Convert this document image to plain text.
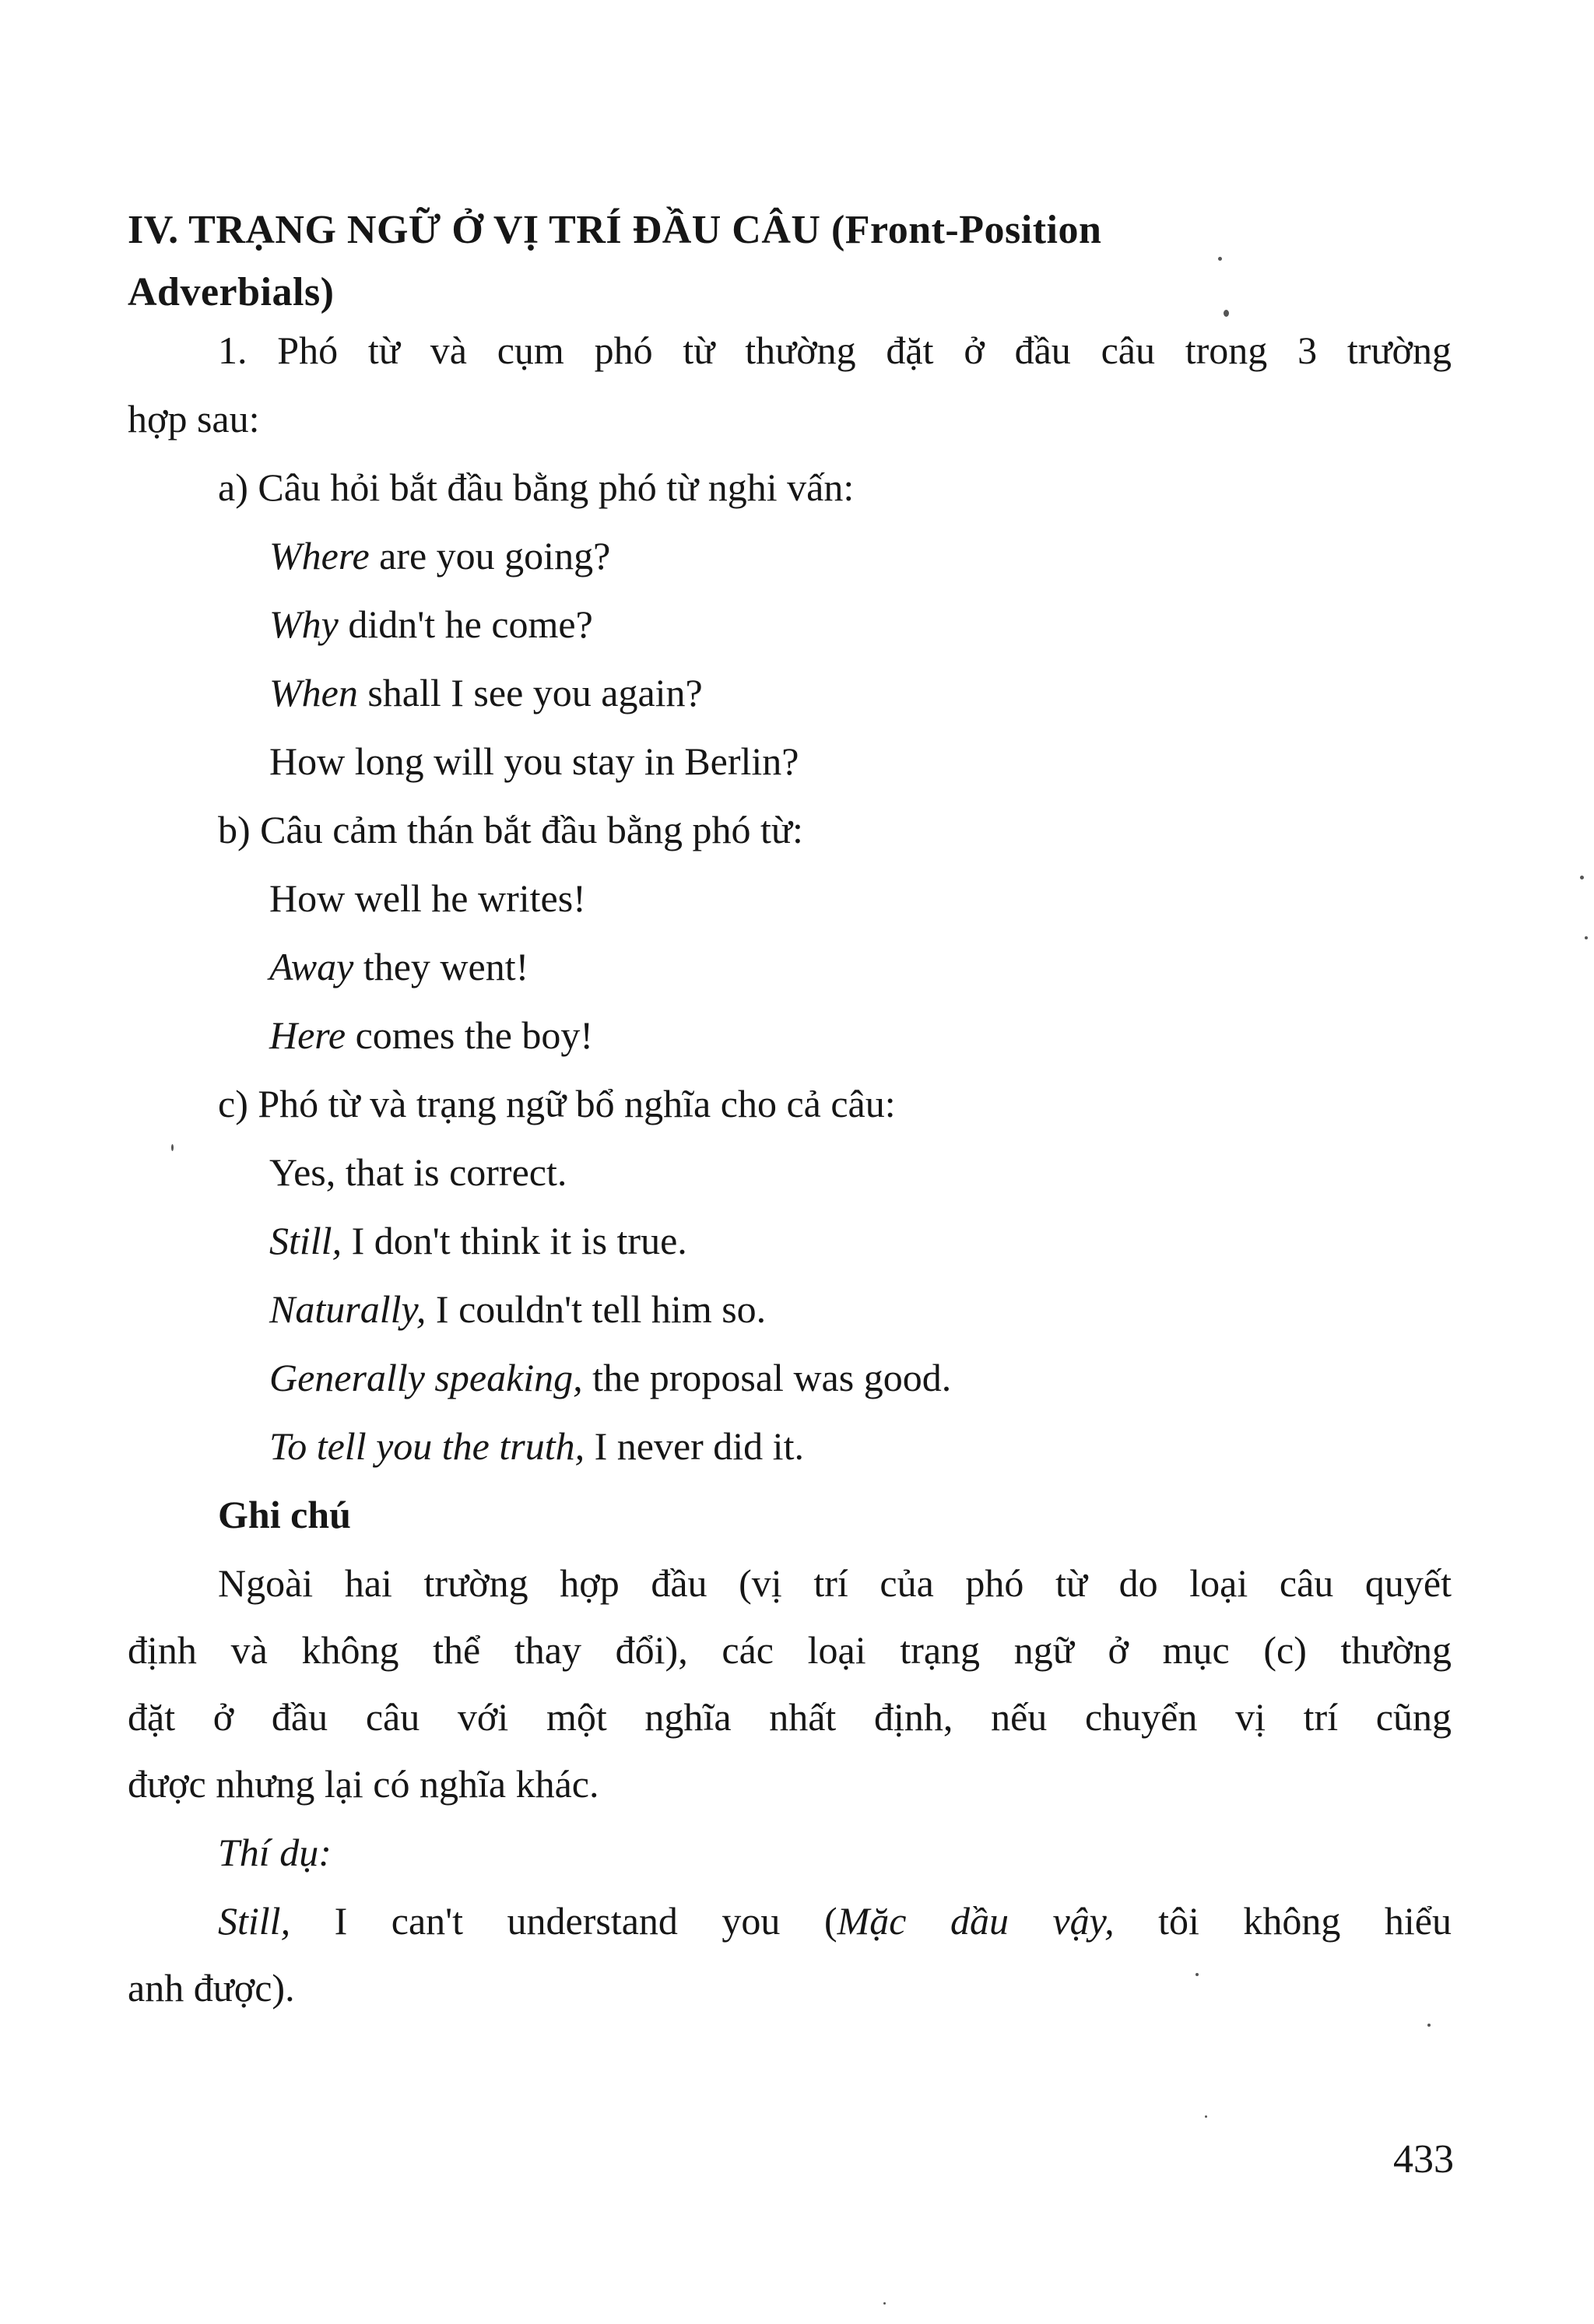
IV. TRẠNG NGỮ Ở VỊ TRÍ ĐẦU CÂU (Front-Position
Adverbials)
1. Phó từ và cụm phó từ thường đặt ở đầu câu trong 3 trường
hợp sau:
a) Câu hỏi bắt đầu bằng phó từ nghi vấn:
Where are you going?
Why didn't he come?
When shall I see you again?
How long will you stay in Berlin?
b) Câu cảm thán bắt đầu bằng phó từ:
How well he writes!
Away they went!
Here comes the boy!
c) Phó từ và trạng ngữ bổ nghĩa cho cả câu:
Yes, that is correct.
Still, I don't think it is true.
Naturally, I couldn't tell him so.
Generally speaking, the proposal was good.
To tell you the truth, I never did it.
Ghi chú
Ngoài hai trường hợp đầu (vị trí của phó từ do loại câu quyết
định và không thể thay đổi), các loại trạng ngữ ở mục (c) thường
đặt ở đầu câu với một nghĩa nhất định, nếu chuyển vị trí cũng
được nhưng lại có nghĩa khác.
Thí dụ:
Still, I can't understand you (Mặc dầu vậy, tôi không hiểu
anh được).
433
